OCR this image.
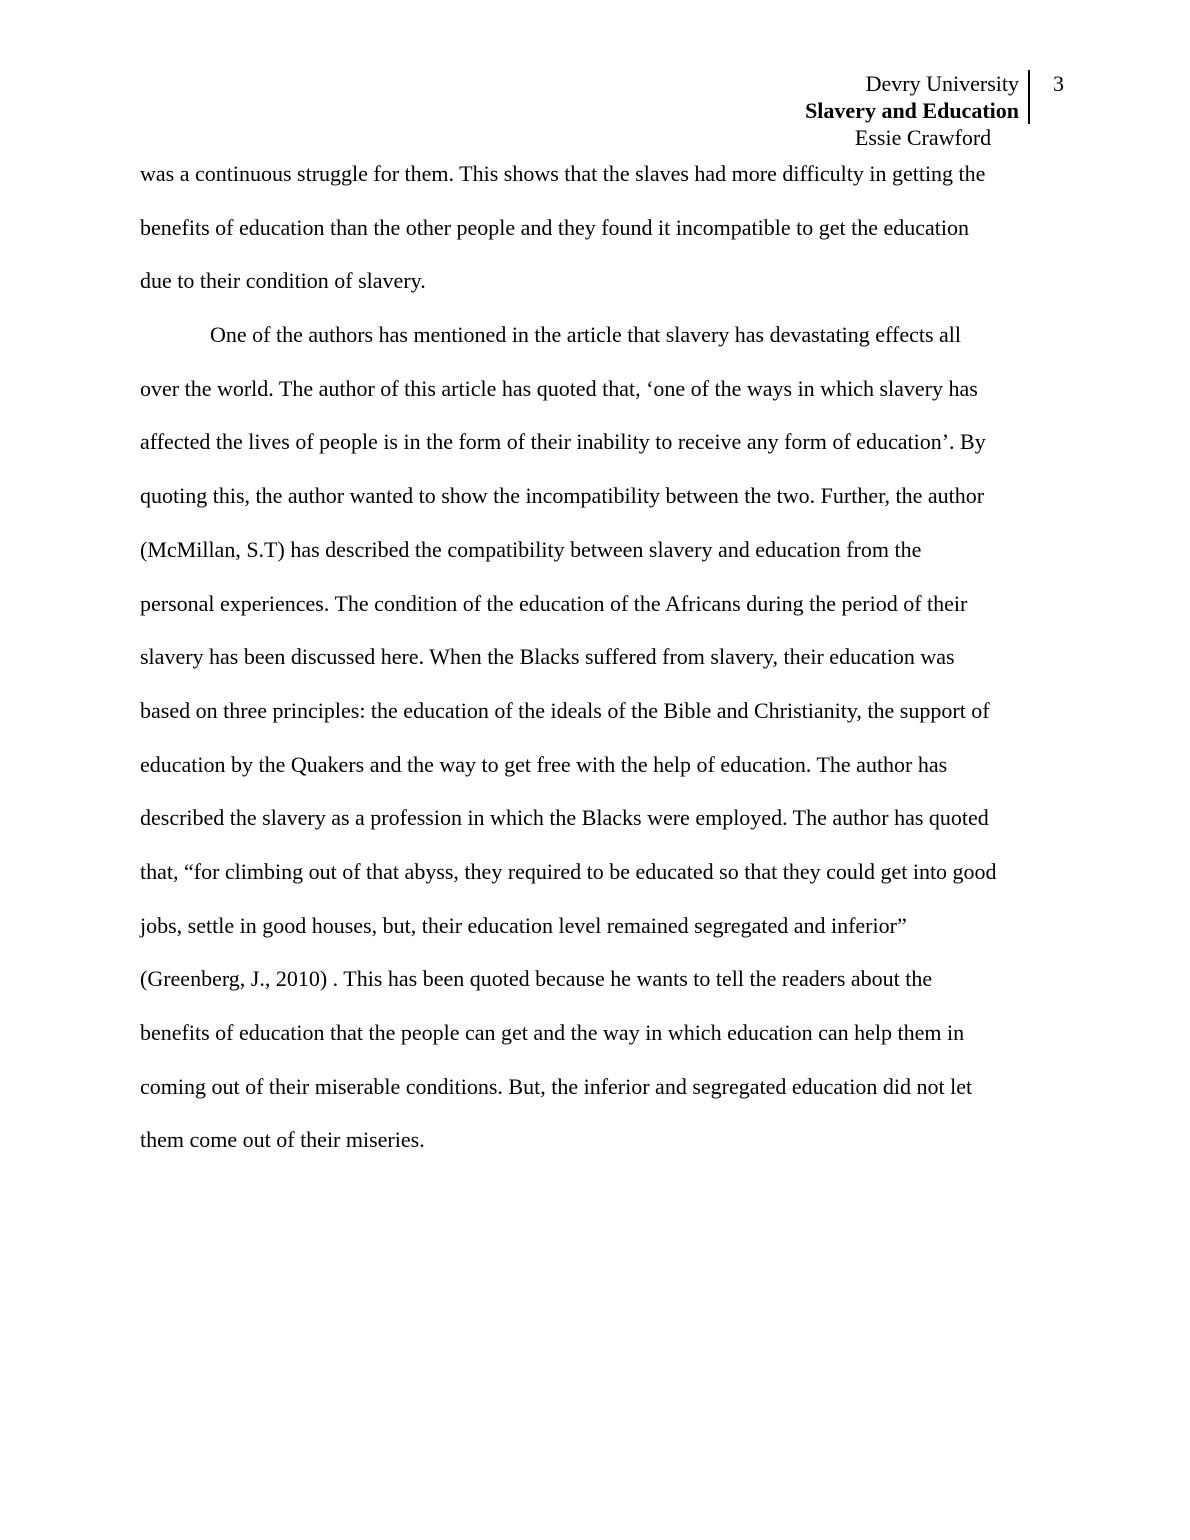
Devry University
Slavery and Education
Essie Crawford
3
was a continuous struggle for them. This shows that the slaves had more difficulty in getting the
benefits of education than the other people and they found it incompatible to get the education
due to their condition of slavery.
One of the authors has mentioned in the article that slavery has devastating effects all
over the world. The author of this article has quoted that, ‘one of the ways in which slavery has
affected the lives of people is in the form of their inability to receive any form of education’. By
quoting this, the author wanted to show the incompatibility between the two. Further, the author
(McMillan, S.T) has described the compatibility between slavery and education from the
personal experiences. The condition of the education of the Africans during the period of their
slavery has been discussed here. When the Blacks suffered from slavery, their education was
based on three principles: the education of the ideals of the Bible and Christianity, the support of
education by the Quakers and the way to get free with the help of education. The author has
described the slavery as a profession in which the Blacks were employed. The author has quoted
that, “for climbing out of that abyss, they required to be educated so that they could get into good
jobs, settle in good houses, but, their education level remained segregated and inferior”
(Greenberg, J., 2010) . This has been quoted because he wants to tell the readers about the
benefits of education that the people can get and the way in which education can help them in
coming out of their miserable conditions. But, the inferior and segregated education did not let
them come out of their miseries.
